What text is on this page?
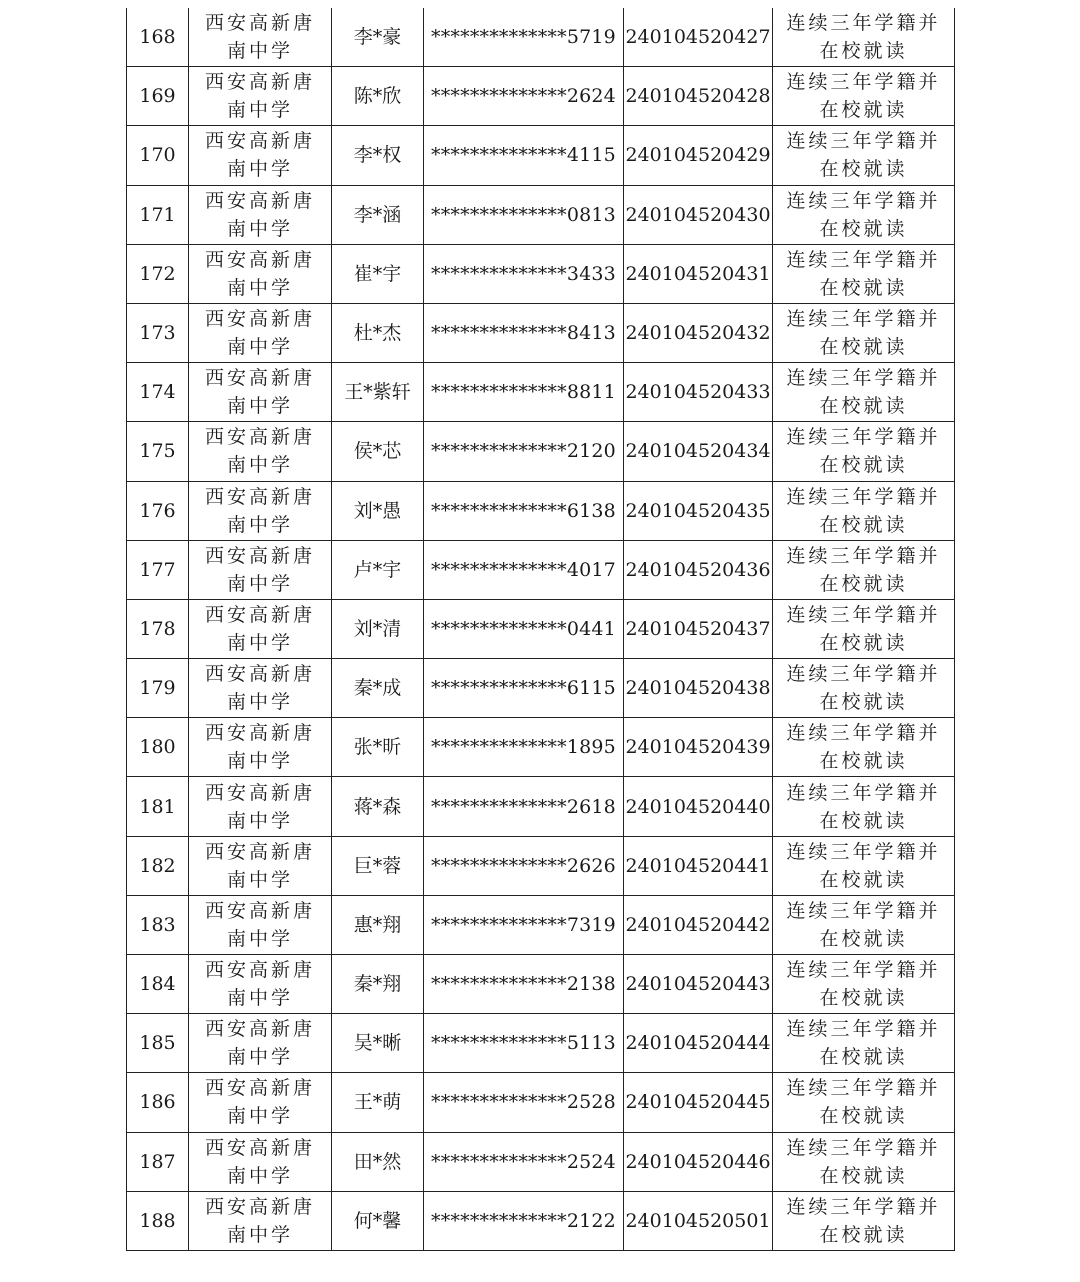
168	西安高新唐南中学	李*豪	**************5719	240104520427	连续三年学籍并在校就读

169	西安高新唐南中学	陈*欣	**************2624	240104520428	连续三年学籍并在校就读

170	西安高新唐南中学	李*权	**************4115	240104520429	连续三年学籍并在校就读

171	西安高新唐南中学	李*涵	**************0813	240104520430	连续三年学籍并在校就读

172	西安高新唐南中学	崔*宇	**************3433	240104520431	连续三年学籍并在校就读

173	西安高新唐南中学	杜*杰	**************8413	240104520432	连续三年学籍并在校就读

174	西安高新唐南中学	王*紫轩	**************8811	240104520433	连续三年学籍并在校就读

175	西安高新唐南中学	侯*芯	**************2120	240104520434	连续三年学籍并在校就读

176	西安高新唐南中学	刘*愚	**************6138	240104520435	连续三年学籍并在校就读

177	西安高新唐南中学	卢*宇	**************4017	240104520436	连续三年学籍并在校就读

178	西安高新唐南中学	刘*清	**************0441	240104520437	连续三年学籍并在校就读

179	西安高新唐南中学	秦*成	**************6115	240104520438	连续三年学籍并在校就读

180	西安高新唐南中学	张*昕	**************1895	240104520439	连续三年学籍并在校就读

181	西安高新唐南中学	蒋*森	**************2618	240104520440	连续三年学籍并在校就读

182	西安高新唐南中学	巨*蓉	**************2626	240104520441	连续三年学籍并在校就读

183	西安高新唐南中学	惠*翔	**************7319	240104520442	连续三年学籍并在校就读

184	西安高新唐南中学	秦*翔	**************2138	240104520443	连续三年学籍并在校就读

185	西安高新唐南中学	吴*晰	**************5113	240104520444	连续三年学籍并在校就读

186	西安高新唐南中学	王*萌	**************2528	240104520445	连续三年学籍并在校就读

187	西安高新唐南中学	田*然	**************2524	240104520446	连续三年学籍并在校就读

188	西安高新唐南中学	何*馨	**************2122	240104520501	连续三年学籍并在校就读
